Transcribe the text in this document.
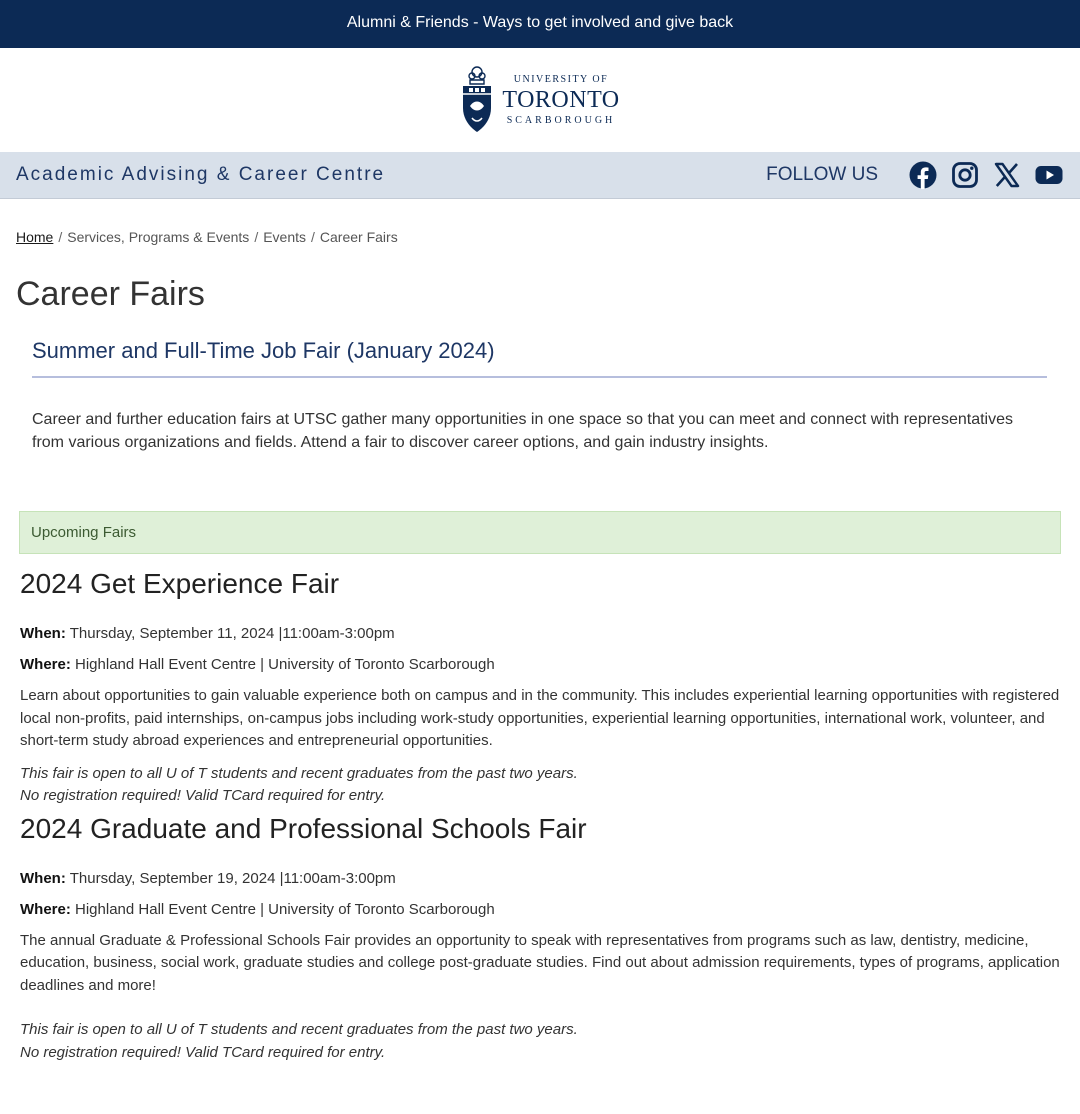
Alumni & Friends - Ways to get involved and give back
UNIVERSITY OF
TORONTO
SCARBOROUGH
Academic Advising & Career Centre	FOLLOW US
Home / Services, Programs & Events / Events / Career Fairs
Career Fairs
Summer and Full-Time Job Fair (January 2024)

Career and further education fairs at UTSC gather many opportunities in one space so that you can meet and connect with representatives from various organizations and fields. Attend a fair to discover career options, and gain industry insights.

Upcoming Fairs
2024 Get Experience Fair

When: Thursday, September 11, 2024 |11:00am-3:00pm

Where: Highland Hall Event Centre | University of Toronto Scarborough

Learn about opportunities to gain valuable experience both on campus and in the community. This includes experiential learning opportunities with registered local non-profits, paid internships, on-campus jobs including work-study opportunities, experiential learning opportunities, international work, volunteer, and short-term study abroad experiences and entrepreneurial opportunities.

This fair is open to all U of T students and recent graduates from the past two years.
No registration required! Valid TCard required for entry.

2024 Graduate and Professional Schools Fair

When: Thursday, September 19, 2024 |11:00am-3:00pm

Where: Highland Hall Event Centre | University of Toronto Scarborough

The annual Graduate & Professional Schools Fair provides an opportunity to speak with representatives from programs such as law, dentistry, medicine, education, business, social work, graduate studies and college post-graduate studies. Find out about admission requirements, types of programs, application deadlines and more!

This fair is open to all U of T students and recent graduates from the past two years.
No registration required! Valid TCard required for entry.
